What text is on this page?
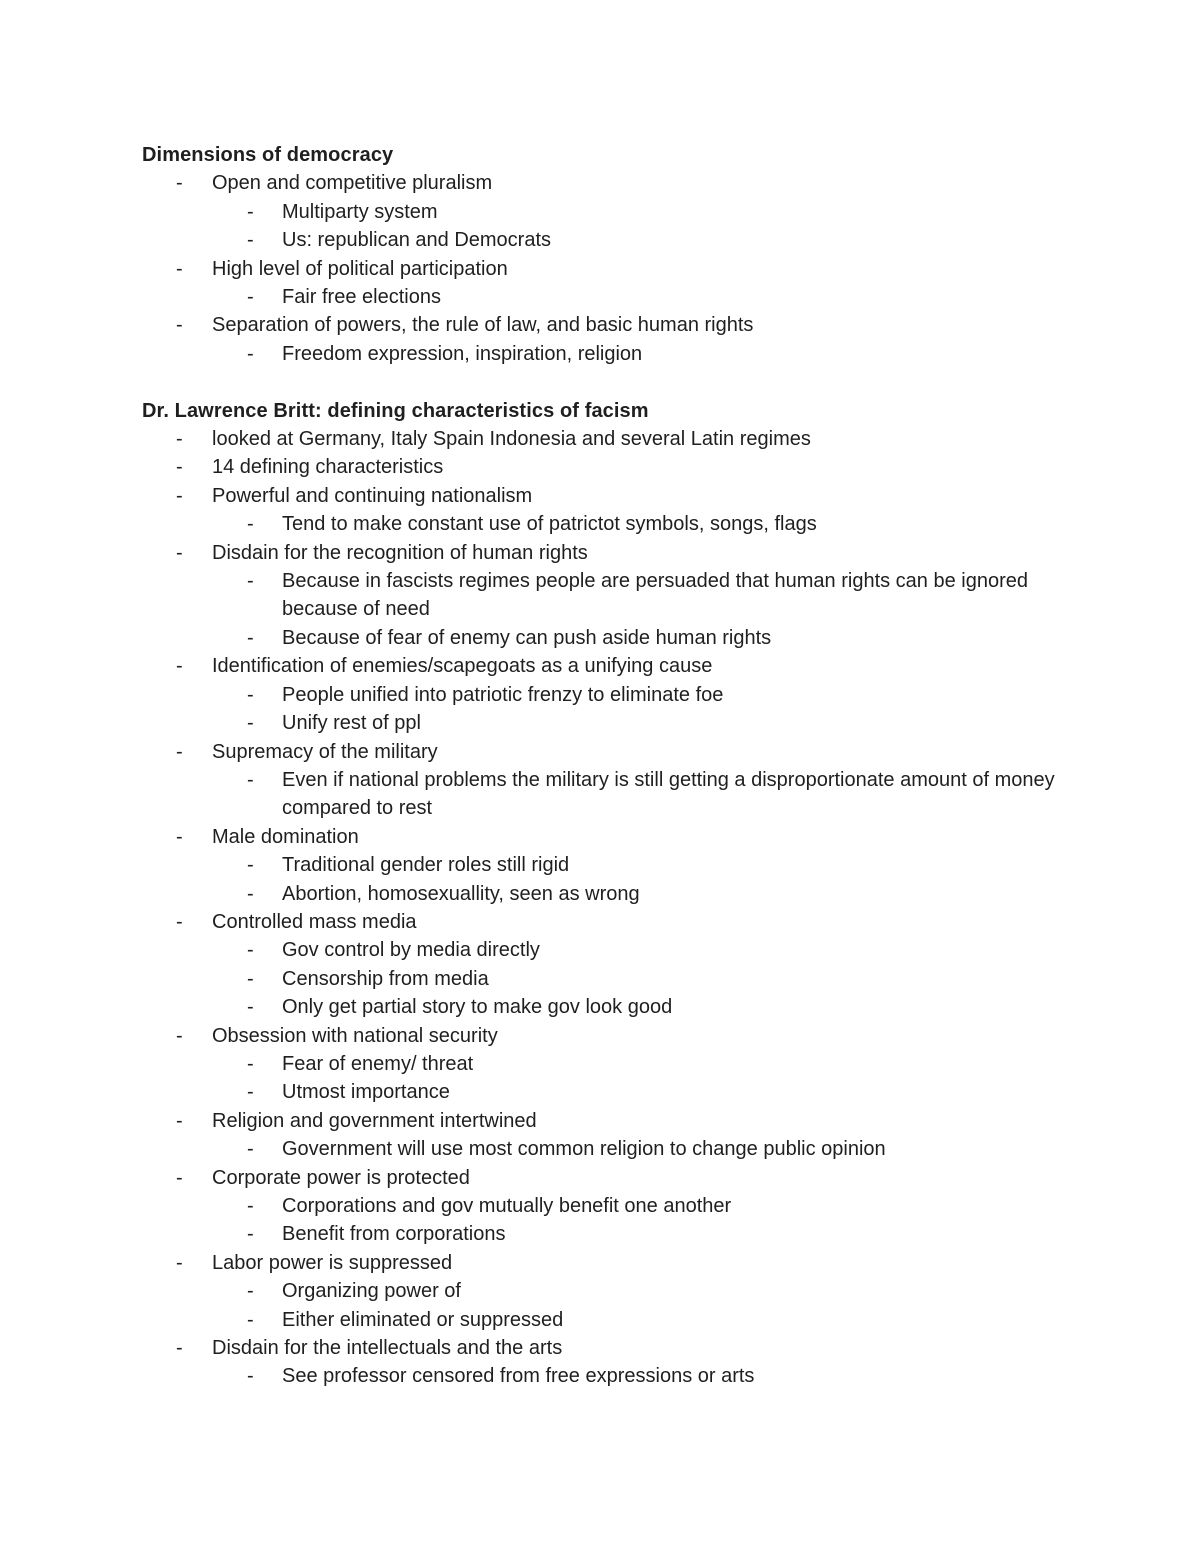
Dimensions of democracy
- Open and competitive pluralism
- Multiparty system
- Us: republican and Democrats
- High level of political participation
- Fair free elections
- Separation of powers, the rule of law, and basic human rights
- Freedom expression, inspiration, religion
Dr. Lawrence Britt: defining characteristics of facism
- looked at Germany, Italy Spain Indonesia and several Latin regimes
- 14 defining characteristics
- Powerful and continuing nationalism
- Tend to make constant use of patrictot symbols, songs, flags
- Disdain for the recognition of human rights
- Because in fascists regimes people are persuaded that human rights can be ignored because of need
- Because of fear of enemy can push aside human rights
- Identification of enemies/scapegoats as a unifying cause
- People unified into patriotic frenzy to eliminate foe
- Unify rest of ppl
- Supremacy of the military
- Even if national problems the military is still getting a disproportionate amount of money compared to rest
- Male domination
- Traditional gender roles still rigid
- Abortion, homosexuallity, seen as wrong
- Controlled mass media
- Gov control by media directly
- Censorship from media
- Only get partial story to make gov look good
- Obsession with national security
- Fear of enemy/ threat
- Utmost importance
- Religion and government intertwined
- Government will use most common religion to change public opinion
- Corporate power is protected
- Corporations and gov mutually benefit one another
- Benefit from corporations
- Labor power is suppressed
- Organizing power of
- Either eliminated or suppressed
- Disdain for the intellectuals and the arts
- See professor censored from free expressions or arts
